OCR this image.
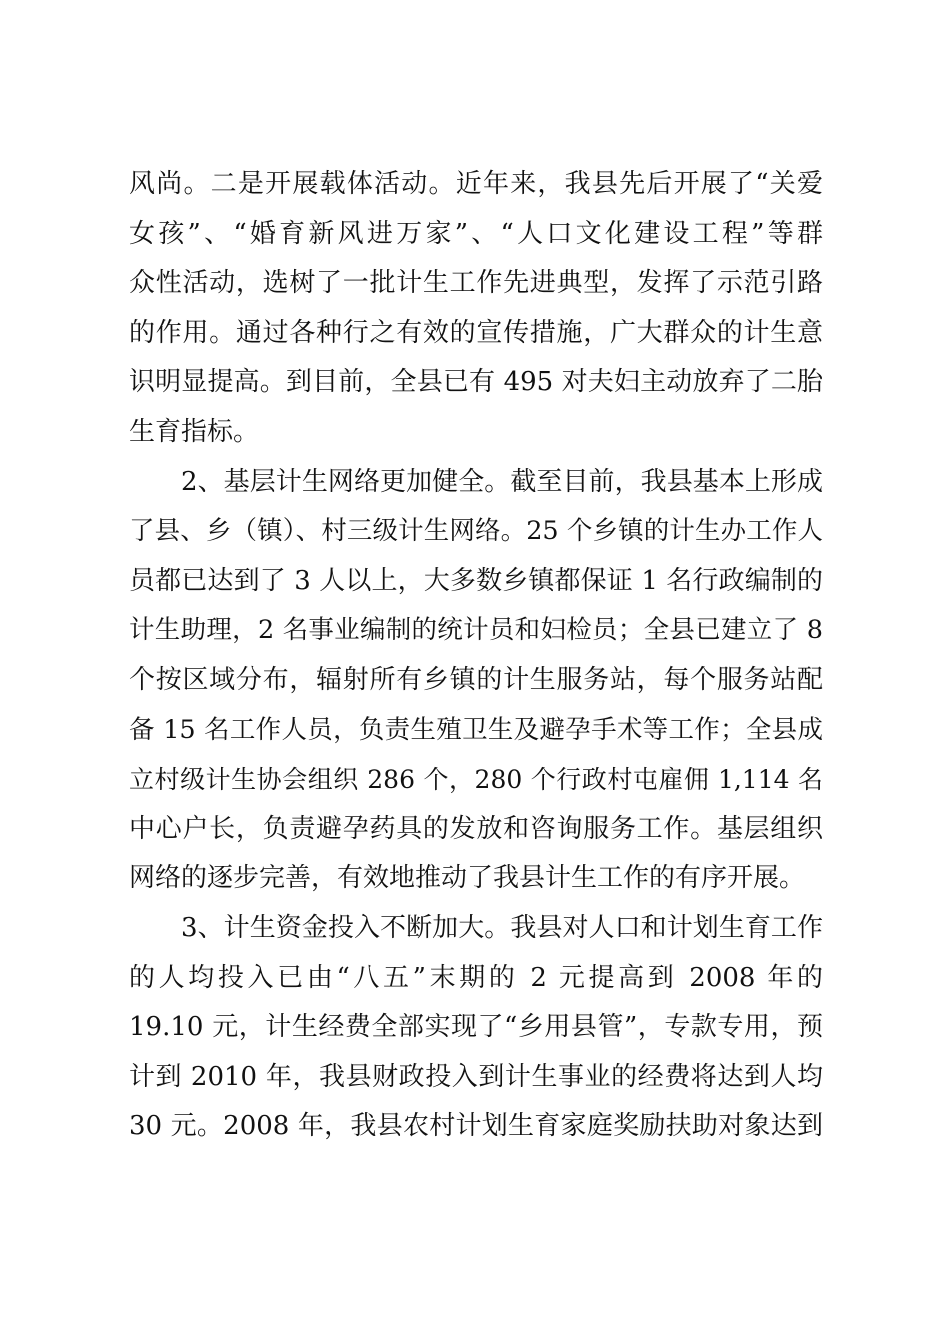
风尚。二是开展载体活动。近年来，我县先后开展了“关爱
女孩”、“婚育新风进万家”、“人口文化建设工程”等群
众性活动，选树了一批计生工作先进典型，发挥了示范引路
的作用。通过各种行之有效的宣传措施，广大群众的计生意
识明显提高。到目前，全县已有 495 对夫妇主动放弃了二胎
生育指标。
2、基层计生网络更加健全。截至目前，我县基本上形成
了县、乡（镇）、村三级计生网络。25 个乡镇的计生办工作人
员都已达到了 3 人以上，大多数乡镇都保证 1 名行政编制的
计生助理，2 名事业编制的统计员和妇检员；全县已建立了 8
个按区域分布，辐射所有乡镇的计生服务站，每个服务站配
备 15 名工作人员，负责生殖卫生及避孕手术等工作；全县成
立村级计生协会组织 286 个，280 个行政村屯雇佣 1,114 名
中心户长，负责避孕药具的发放和咨询服务工作。基层组织
网络的逐步完善，有效地推动了我县计生工作的有序开展。
3、计生资金投入不断加大。我县对人口和计划生育工作
的人均投入已由“八五”末期的 2 元提高到 2008 年的
19.10 元，计生经费全部实现了“乡用县管”，专款专用，预
计到 2010 年，我县财政投入到计生事业的经费将达到人均
30 元。2008 年，我县农村计划生育家庭奖励扶助对象达到
